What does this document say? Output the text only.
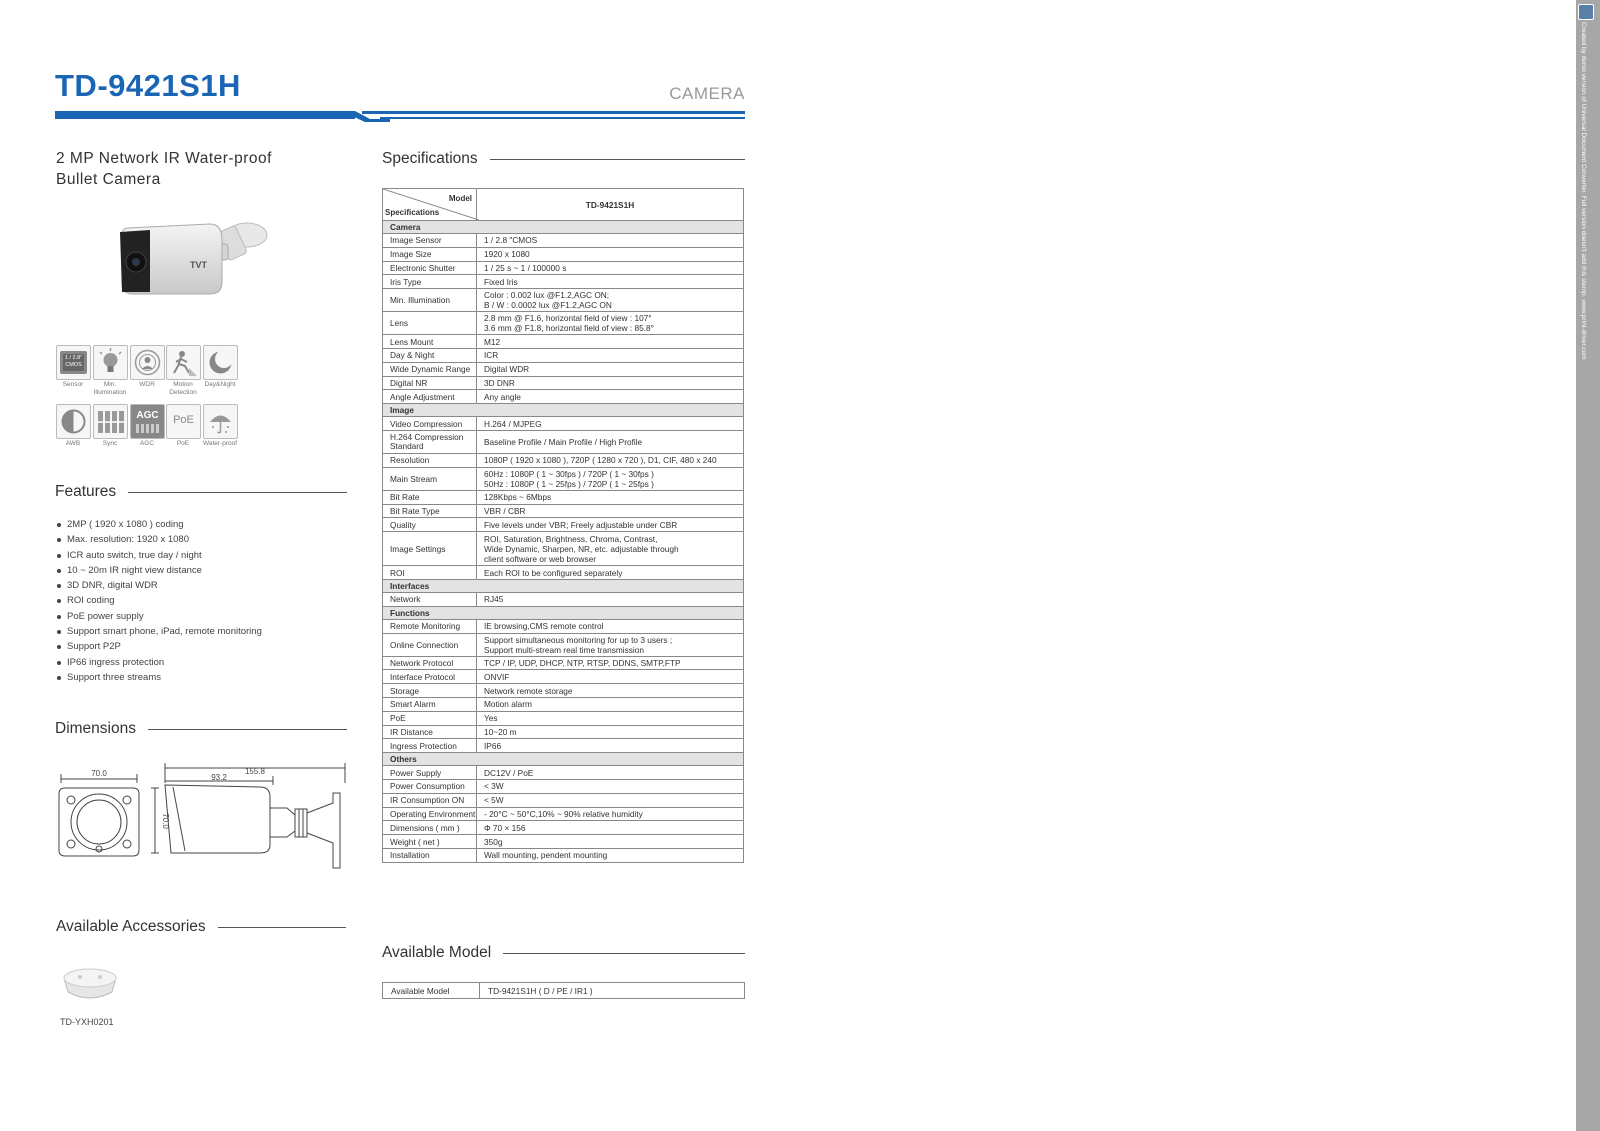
TD-9421S1H	CAMERA
2 MP Network IR Water-proof
Bullet Camera
TVT
1 / 2.8" CMOS
AGC	PoE
Sensor	Min. Illumination
WDR	Motion Detection
Day&Night
AWB	Sync	AGC	PoE	Water-proof
Features
2MP ( 1920 x 1080 ) coding
Max. resolution: 1920 x 1080
ICR auto switch, true day / night
10 ~ 20m IR night view distance
3D DNR, digital WDR
ROI coding
PoE power supply
Support smart phone, iPad, remote monitoring
Support P2P
IP66 ingress protection
Support three streams
Dimensions
70.0	155.8
93.2
70.0
Available Accessories
TD-YXH0201
Specifications
Model
Specifications	TD-9421S1H
Camera	
Image Sensor	1 / 2.8 "CMOS

Image Size	1920 x 1080

Electronic Shutter	1 / 25 s ~ 1 / 100000 s

Iris Type	Fixed Iris

Min. Illumination	Color : 0.002 lux @F1.2,AGC ON;
B / W : 0.0002 lux @F1.2,AGC ON

Lens	2.8 mm @ F1.6, horizontal field of view : 107°
3.6 mm @ F1.8, horizontal field of view : 85.8°

Lens Mount	M12

Day & Night	ICR

Wide Dynamic Range	Digital WDR

Digital NR	3D DNR

Angle Adjustment	Any angle

Image	
Video Compression	H.264 / MJPEG

H.264 Compression Standard	Baseline Profile / Main Profile / High Profile

Resolution	1080P ( 1920 x 1080 ), 720P ( 1280 x 720 ), D1, CIF, 480 x 240

Main Stream	60Hz : 1080P ( 1 ~ 30fps ) / 720P ( 1 ~ 30fps )
50Hz : 1080P ( 1 ~ 25fps ) / 720P ( 1 ~ 25fps )

Bit Rate	128Kbps ~ 6Mbps

Bit Rate Type	VBR / CBR

Quality	Five levels under VBR; Freely adjustable under CBR

Image Settings	ROI, Saturation, Brightness, Chroma, Contrast,
Wide Dynamic, Sharpen, NR, etc. adjustable through
client software or web browser

ROI	Each ROI to be configured separately

Interfaces	
Network	RJ45

Functions	
Remote Monitoring	IE browsing,CMS remote control

Online Connection	Support simultaneous monitoring for up to 3 users ;
Support multi-stream real time transmission

Network Protocol	TCP / IP, UDP, DHCP, NTP, RTSP, DDNS, SMTP,FTP

Interface Protocol	ONVIF

Storage	Network remote storage

Smart Alarm	Motion alarm

PoE	Yes

IR Distance	10~20 m

Ingress Protection	IP66

Others	
Power Supply	DC12V / PoE

Power Consumption	< 3W

IR Consumption ON	< 5W

Operating Environment	- 20°C ~ 50°C,10% ~ 90% relative humidity

Dimensions ( mm )	Φ 70 × 156

Weight ( net )	350g

Installation	Wall mounting, pendent mounting
Available Model
Available Model	TD-9421S1H ( D / PE / IR1 )
Created by demo version of Universal Document Converter. Full version doesn't add this stamp. www.print-driver.com
